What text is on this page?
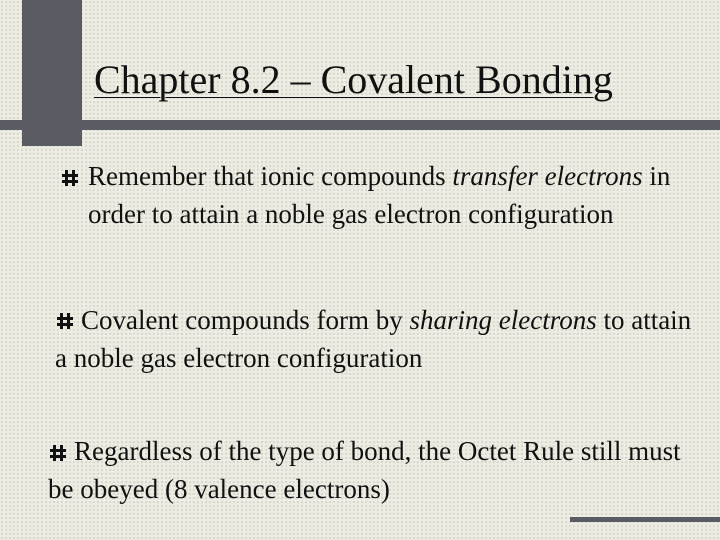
Chapter 8.2 – Covalent Bonding

Remember that ionic compounds transfer electrons in order to attain a noble gas electron configuration

Covalent compounds form by sharing electrons to attain a noble gas electron configuration

Regardless of the type of bond, the Octet Rule still must be obeyed (8 valence electrons)
